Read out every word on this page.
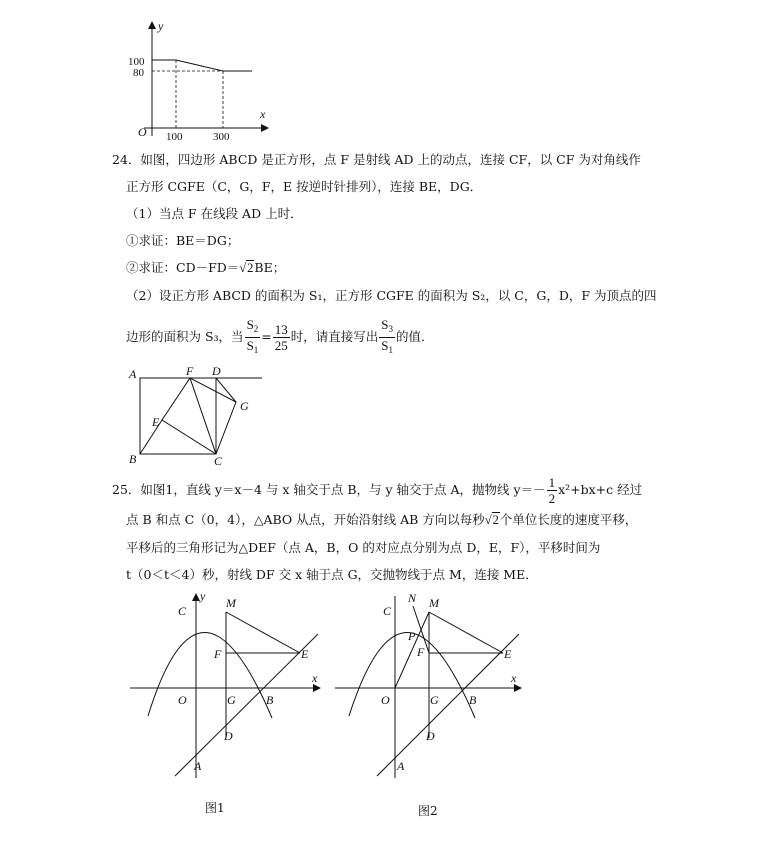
y
x
O
100
80
100	300
24．如图，四边形 ABCD 是正方形，点 F 是射线 AD 上的动点，连接 CF，以 CF 为对角线作
正方形 CGFE（C，G，F，E 按逆时针排列），连接 BE，DG．
（1）当点 F 在线段 AD 上时．
①求证：BE＝DG；
②求证：CD－FD＝√2BE；
（2）设正方形 ABCD 的面积为 S₁，正方形 CGFE 的面积为 S₂，以 C，G，D，F 为顶点的四
边形的面积为 S₃，当 $\frac{S_2}{S_1} = \frac{13}{25}$ 时，请直接写出 $\frac{S_3}{S_1}$ 的值．
A	F D
G
E
B	C
25．如图1，直线 y＝x－4 与 x 轴交于点 B，与 y 轴交于点 A，抛物线 $y=- \frac{1}{2} x^2+bx+c$ 经过
点 B 和点 C（0，4），△ABO 从点，开始沿射线 AB 方向以每秒√2个单位长度的速度平移，
平移后的三角形记为△DEF（点 A，B，O 的对应点分别为点 D，E，F），平移时间为
t（0＜t＜4）秒，射线 DF 交 x 轴于点 G，交抛物线于点 M，连接 ME．
y
C
M
F	E
x
O	G	B
D
A
图1
C
N M
P
F	E
x
O	G	B
D
A
图2
